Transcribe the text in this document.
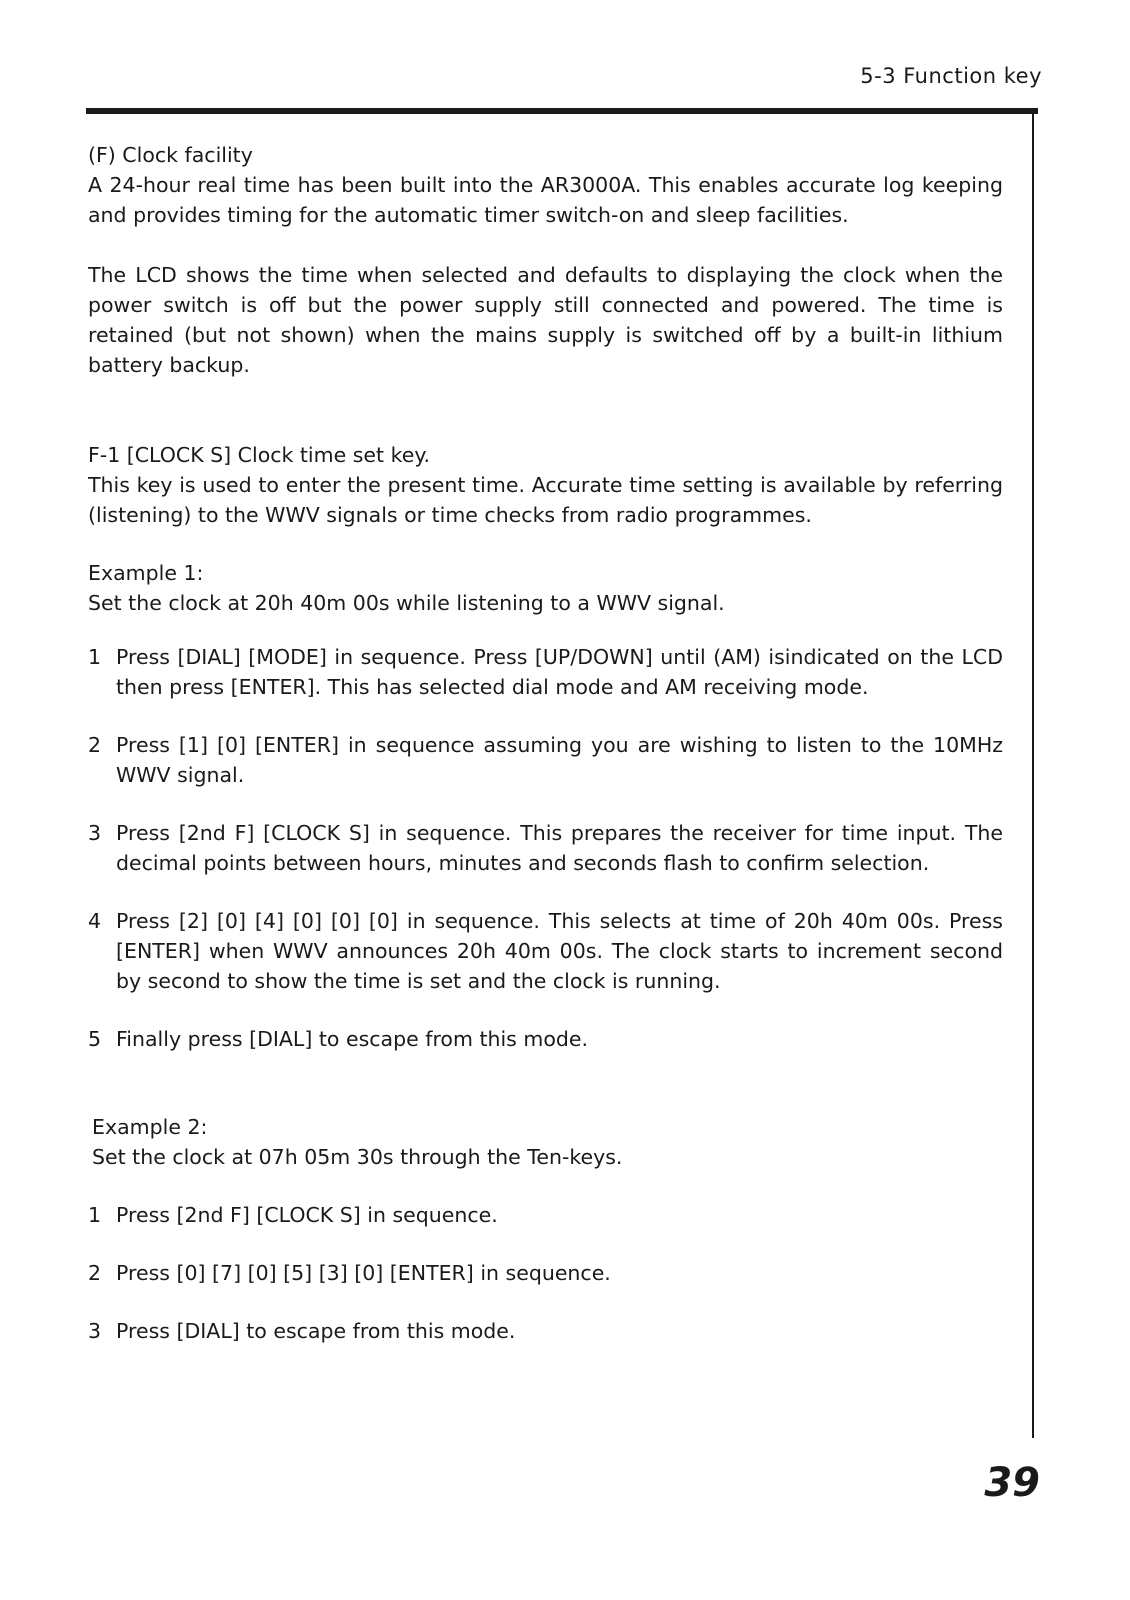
5-3 Function key

(F) Clock facility

A 24-hour real time has been built into the AR3000A. This enables accurate log keeping and provides timing for the automatic timer switch-on and sleep facilities.

The LCD shows the time when selected and defaults to displaying the clock when the power switch is off but the power supply still connected and powered. The time is retained (but not shown) when the mains supply is switched off by a built-in lithium battery backup.

F-1 [CLOCK S] Clock time set key.

This key is used to enter the present time. Accurate time setting is available by referring (listening) to the WWV signals or time checks from radio programmes.

Example 1:

Set the clock at 20h 40m 00s while listening to a WWV signal.

1 Press [DIAL] [MODE] in sequence. Press [UP/DOWN] until (AM) isindicated on the LCD then press [ENTER]. This has selected dial mode and AM receiving mode.
2 Press [1] [0] [ENTER] in sequence assuming you are wishing to listen to the 10MHz WWV signal.
3 Press [2nd F] [CLOCK S] in sequence. This prepares the receiver for time input. The decimal points between hours, minutes and seconds flash to confirm selection.
4 Press [2] [0] [4] [0] [0] [0] in sequence. This selects at time of 20h 40m 00s. Press [ENTER] when WWV announces 20h 40m 00s. The clock starts to increment second by second to show the time is set and the clock is running.
5 Finally press [DIAL] to escape from this mode.

Example 2:

Set the clock at 07h 05m 30s through the Ten-keys.

1 Press [2nd F] [CLOCK S] in sequence.
2 Press [0] [7] [0] [5] [3] [0] [ENTER] in sequence.
3 Press [DIAL] to escape from this mode.
39
